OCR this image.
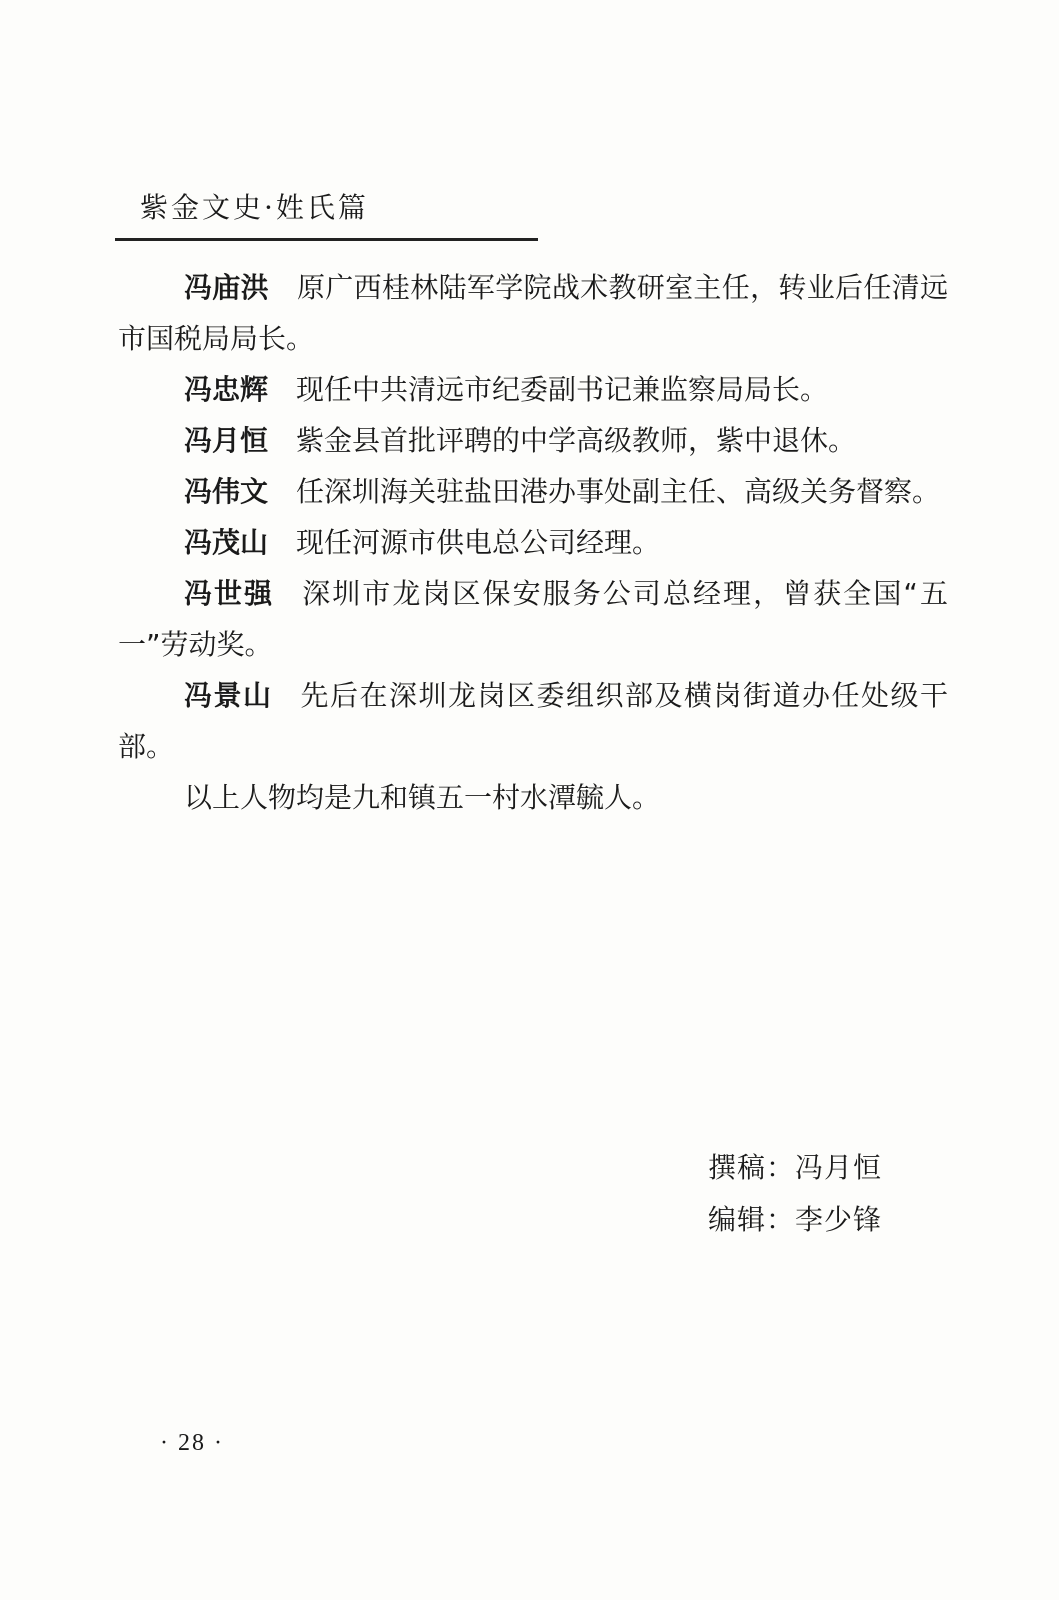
紫金文史·姓氏篇

冯庙洪 原广西桂林陆军学院战术教研室主任，转业后任清远市国税局局长。

冯忠辉 现任中共清远市纪委副书记兼监察局局长。

冯月恒 紫金县首批评聘的中学高级教师，紫中退休。

冯伟文 任深圳海关驻盐田港办事处副主任、高级关务督察。

冯茂山 现任河源市供电总公司经理。

冯世强 深圳市龙岗区保安服务公司总经理，曾获全国“五一”劳动奖。

冯景山 先后在深圳龙岗区委组织部及横岗街道办任处级干部。

以上人物均是九和镇五一村水潭毓人。

撰稿：冯月恒
编辑：李少锋
· 28 ·
